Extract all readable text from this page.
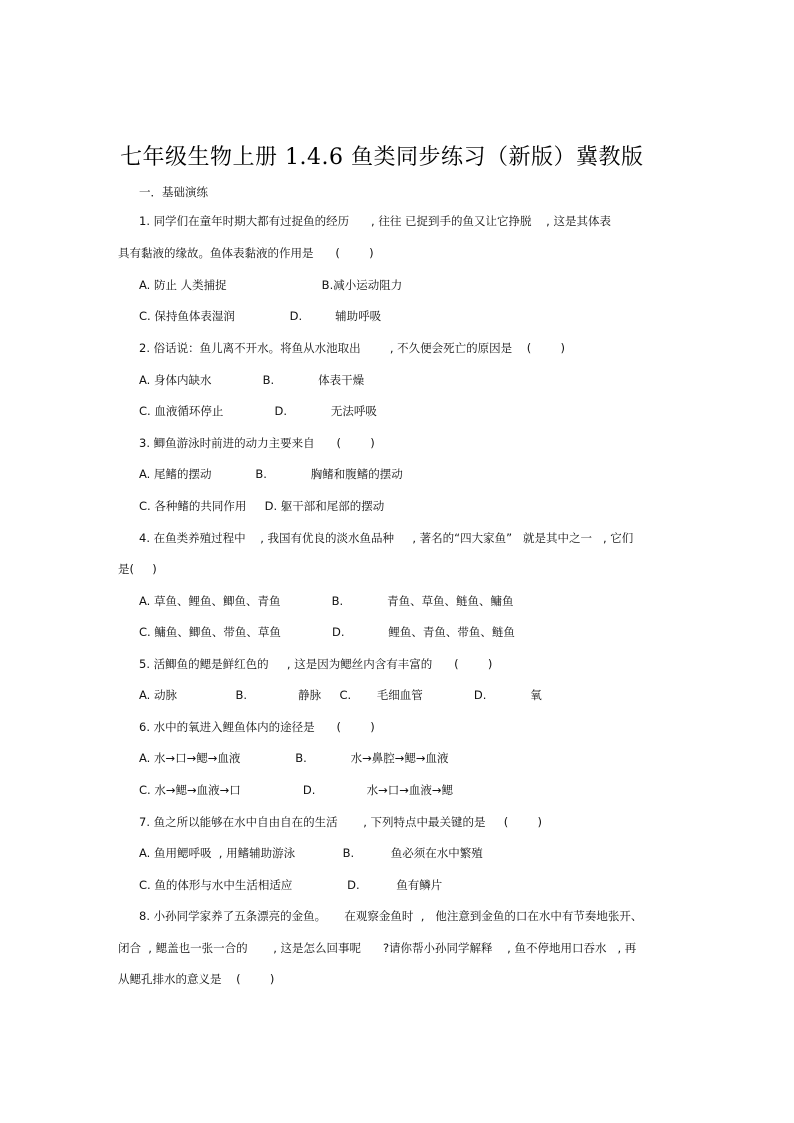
七年级生物上册 1.4.6 鱼类同步练习（新版）冀教版
一．基础演练
1. 同学们在童年时期大都有过捉鱼的经历      , 往往 已捉到手的鱼又让它挣脱    , 这是其体表
具有黏液的缘故。鱼体表黏液的作用是      (        )
A. 防止 人类捕捉                          B.减小运动阻力
C. 保持鱼体表湿润               D.         辅助呼吸
2. 俗话说：鱼儿离不开水。将鱼从水池取出        , 不久便会死亡的原因是    (        )
A. 身体内缺水              B.            体表干燥
C. 血液循环停止              D.            无法呼吸
3. 鲫鱼游泳时前进的动力主要来自      (        )
A. 尾鳍的摆动            B.            胸鳍和腹鳍的摆动
C. 各种鳍的共同作用     D. 躯干部和尾部的摆动
4. 在鱼类养殖过程中    , 我国有优良的淡水鱼品种     , 著名的“四大家鱼”   就是其中之一   , 它们
是(     )
A. 草鱼、鲤鱼、鲫鱼、青鱼              B.            青鱼、草鱼、鲢鱼、鳙鱼
C. 鳙鱼、鲫鱼、带鱼、草鱼              D.            鲤鱼、青鱼、带鱼、鲢鱼
5. 活鲫鱼的鳃是鲜红色的     , 这是因为鳃丝内含有丰富的      (        )
A. 动脉                B.              静脉     C.       毛细血管              D.            氧
6. 水中的氧进入鲤鱼体内的途径是      (        )
A. 水→口→鳃→血液               B.            水→鼻腔→鳃→血液
C. 水→鳃→血液→口                 D.              水→口→血液→鳃
7. 鱼之所以能够在水中自由自在的生活       , 下列特点中最关键的是     (        )
A. 鱼用鳃呼吸  , 用鳍辅助游泳             B.          鱼必须在水中繁殖
C. 鱼的体形与水中生活相适应               D.          鱼有鳞片
8. 小孙同学家养了五条漂亮的金鱼。     在观察金鱼时  ,   他注意到金鱼的口在水中有节奏地张开、
闭合  , 鳃盖也一张一合的       , 这是怎么回事呢      ?请你帮小孙同学解释    , 鱼不停地用口吞水   , 再
从鳃孔排水的意义是    (        )
